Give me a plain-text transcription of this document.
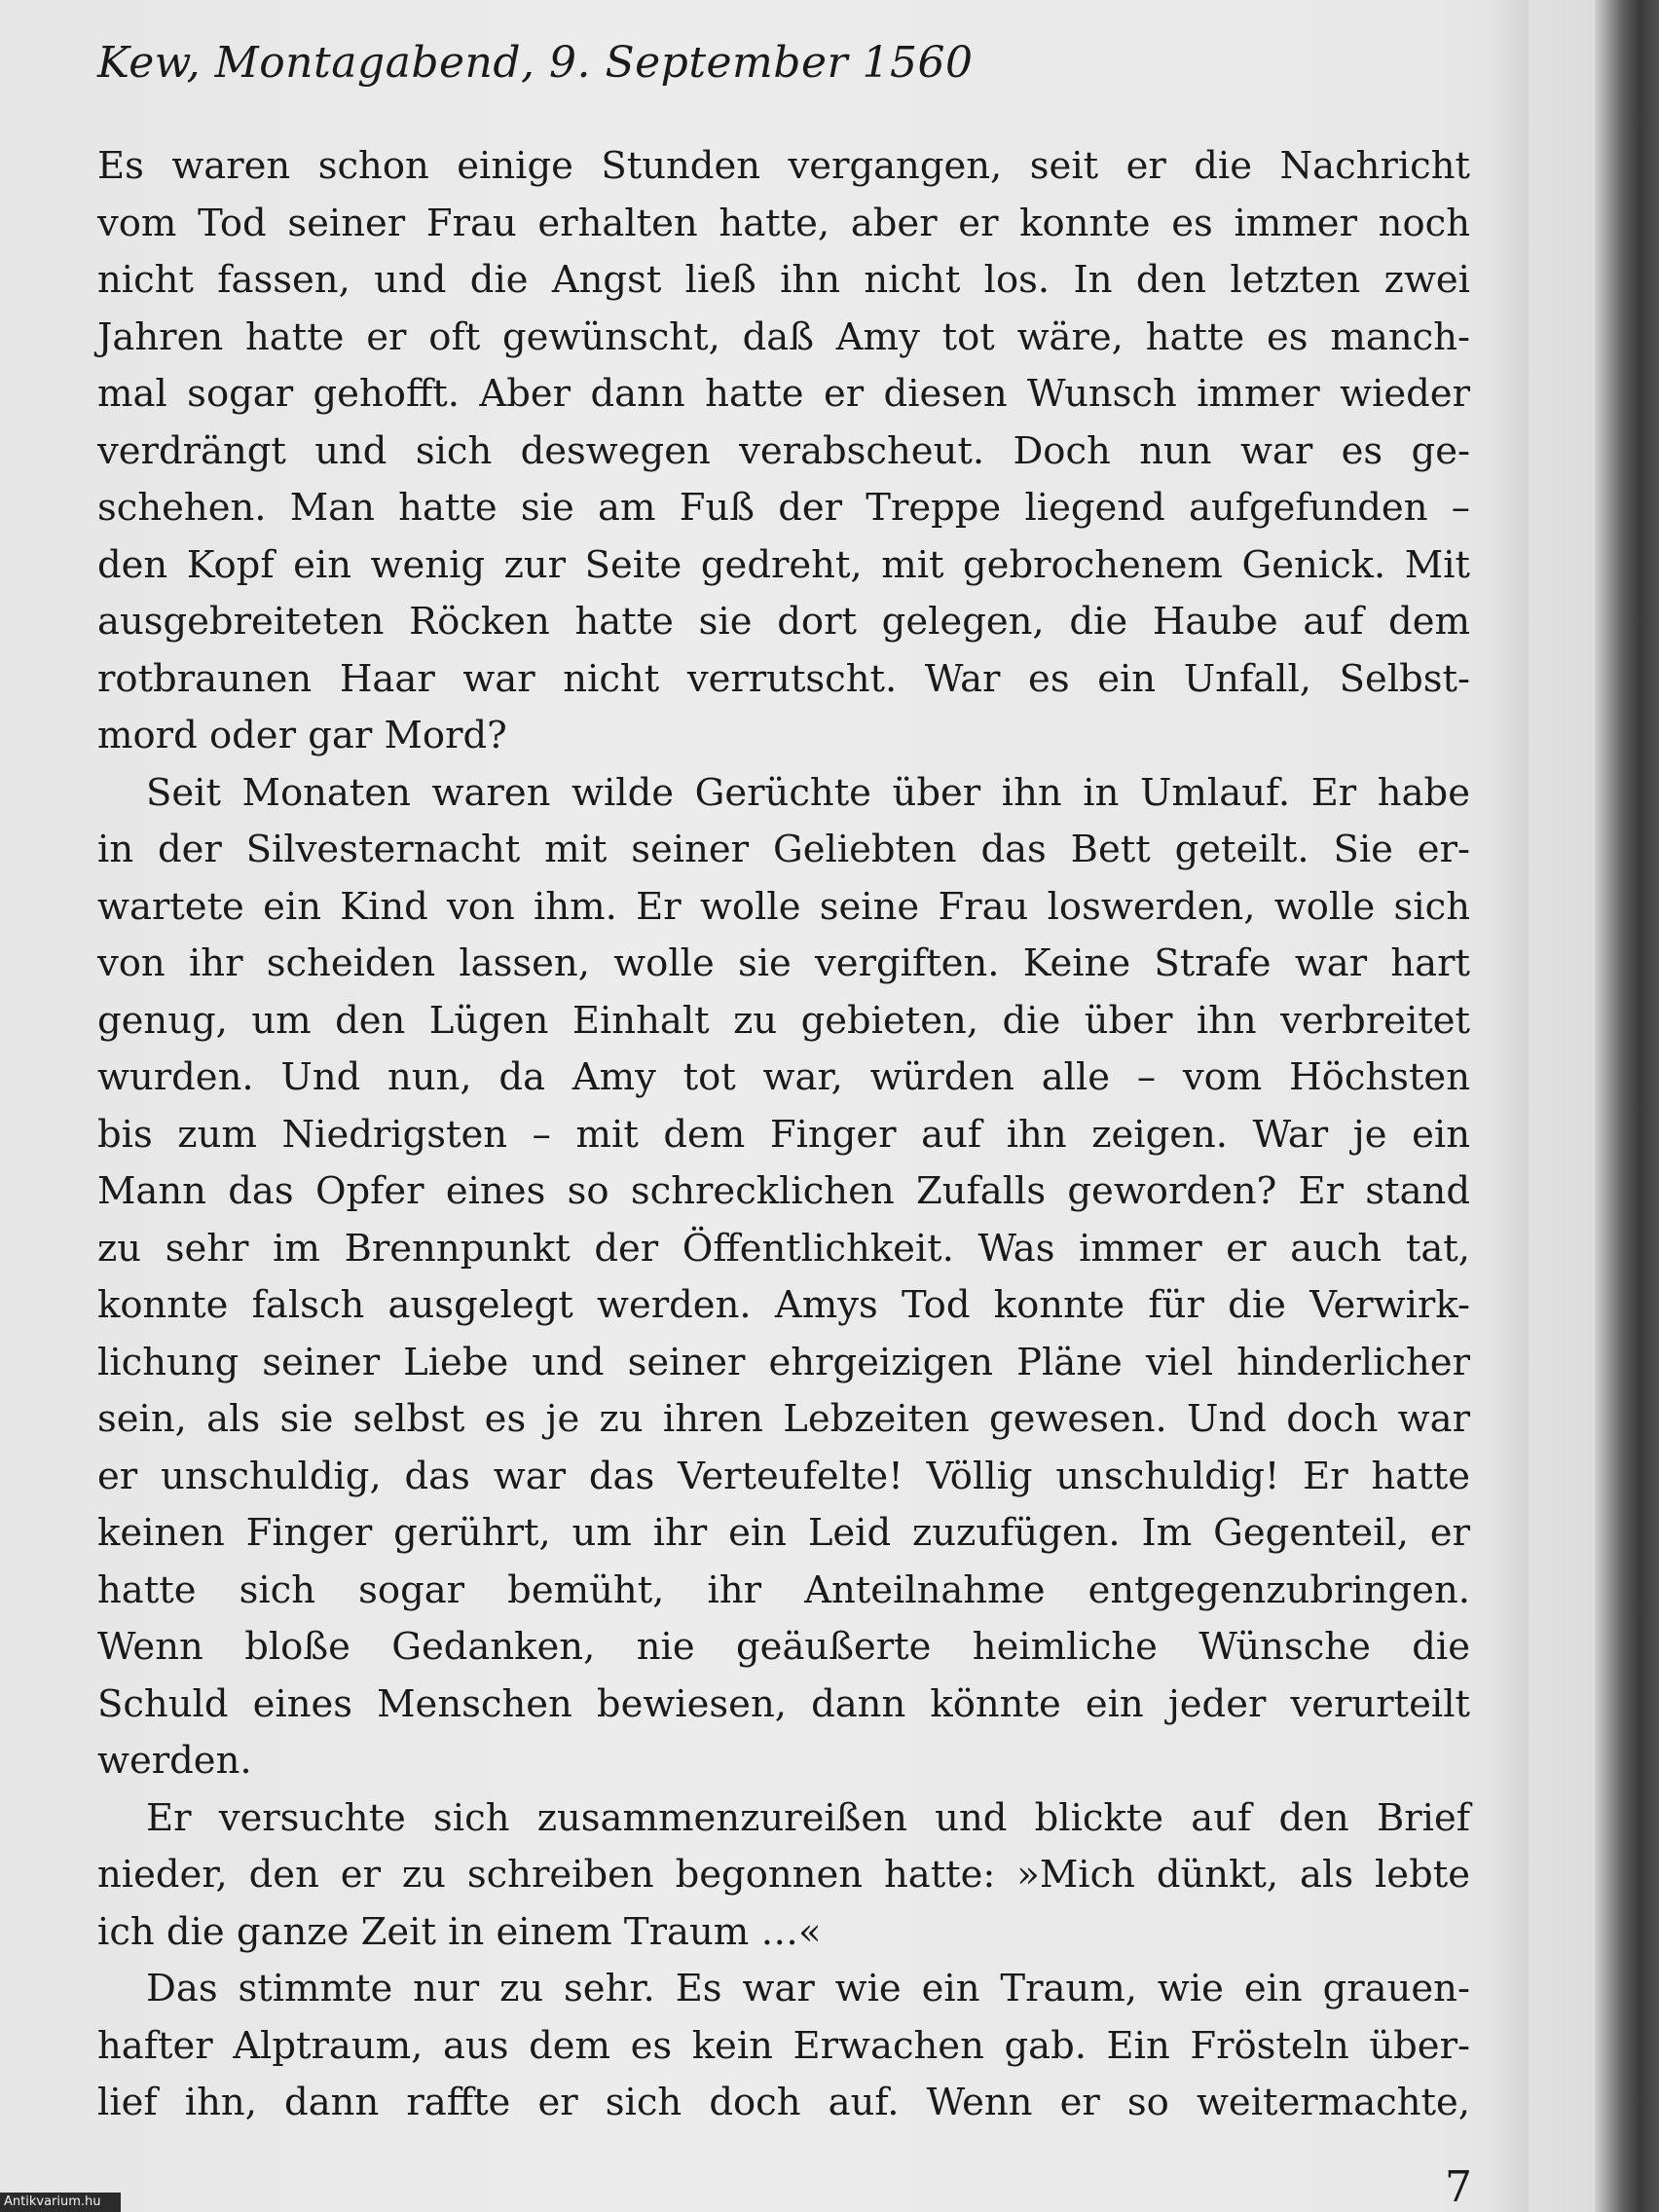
Kew, Montagabend, 9. September 1560
Es waren schon einige Stunden vergangen, seit er die Nachricht
vom Tod seiner Frau erhalten hatte, aber er konnte es immer noch
nicht fassen, und die Angst ließ ihn nicht los. In den letzten zwei
Jahren hatte er oft gewünscht, daß Amy tot wäre, hatte es manch-
mal sogar gehofft. Aber dann hatte er diesen Wunsch immer wieder
verdrängt und sich deswegen verabscheut. Doch nun war es ge-
schehen. Man hatte sie am Fuß der Treppe liegend aufgefunden –
den Kopf ein wenig zur Seite gedreht, mit gebrochenem Genick. Mit
ausgebreiteten Röcken hatte sie dort gelegen, die Haube auf dem
rotbraunen Haar war nicht verrutscht. War es ein Unfall, Selbst-
mord oder gar Mord?
Seit Monaten waren wilde Gerüchte über ihn in Umlauf. Er habe
in der Silvesternacht mit seiner Geliebten das Bett geteilt. Sie er-
wartete ein Kind von ihm. Er wolle seine Frau loswerden, wolle sich
von ihr scheiden lassen, wolle sie vergiften. Keine Strafe war hart
genug, um den Lügen Einhalt zu gebieten, die über ihn verbreitet
wurden. Und nun, da Amy tot war, würden alle – vom Höchsten
bis zum Niedrigsten – mit dem Finger auf ihn zeigen. War je ein
Mann das Opfer eines so schrecklichen Zufalls geworden? Er stand
zu sehr im Brennpunkt der Öffentlichkeit. Was immer er auch tat,
konnte falsch ausgelegt werden. Amys Tod konnte für die Verwirk-
lichung seiner Liebe und seiner ehrgeizigen Pläne viel hinderlicher
sein, als sie selbst es je zu ihren Lebzeiten gewesen. Und doch war
er unschuldig, das war das Verteufelte! Völlig unschuldig! Er hatte
keinen Finger gerührt, um ihr ein Leid zuzufügen. Im Gegenteil, er
hatte sich sogar bemüht, ihr Anteilnahme entgegenzubringen.
Wenn bloße Gedanken, nie geäußerte heimliche Wünsche die
Schuld eines Menschen bewiesen, dann könnte ein jeder verurteilt
werden.
Er versuchte sich zusammenzureißen und blickte auf den Brief
nieder, den er zu schreiben begonnen hatte: »Mich dünkt, als lebte
ich die ganze Zeit in einem Traum …«
Das stimmte nur zu sehr. Es war wie ein Traum, wie ein grauen-
hafter Alptraum, aus dem es kein Erwachen gab. Ein Frösteln über-
lief ihn, dann raffte er sich doch auf. Wenn er so weitermachte,
7
Antikvarium.hu
